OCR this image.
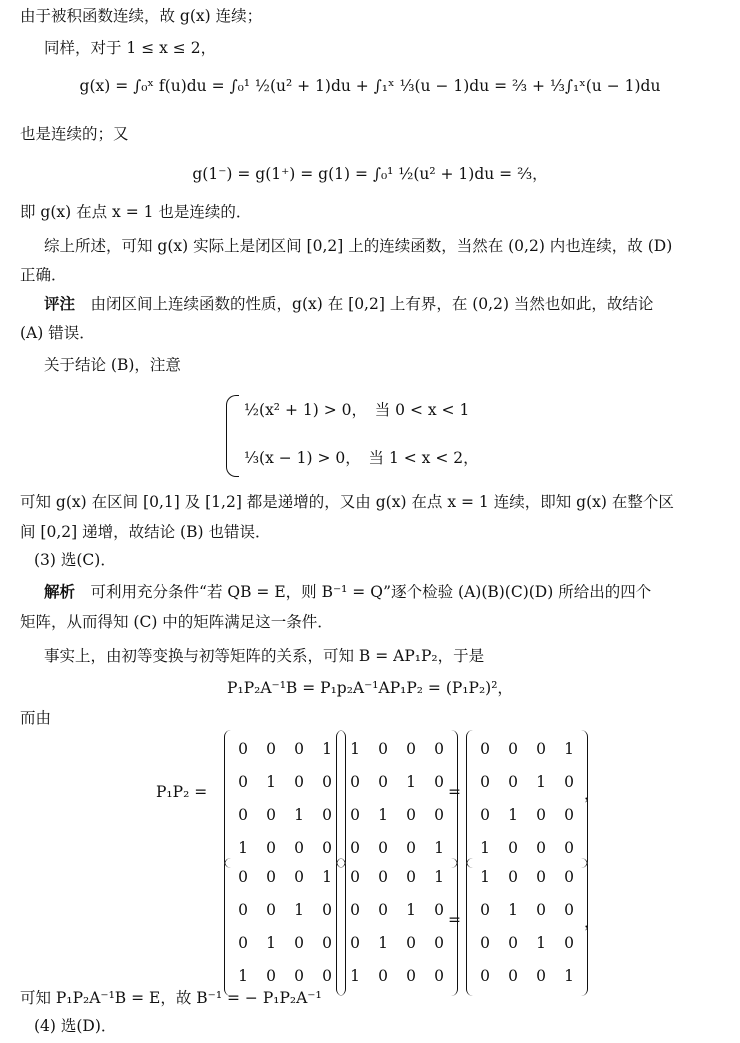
由于被积函数连续，故 g(x) 连续；
同样，对于 1 ≤ x ≤ 2，
g(x) = ∫₀ˣ f(u)du = ∫₀¹ ½(u² + 1)du + ∫₁ˣ ⅓(u − 1)du = ⅔ + ⅓∫₁ˣ(u − 1)du
也是连续的；又
g(1⁻) = g(1⁺) = g(1) = ∫₀¹ ½(u² + 1)du = ⅔，
即 g(x) 在点 x = 1 也是连续的．
综上所述，可知 g(x) 实际上是闭区间 [0,2] 上的连续函数，当然在 (0,2) 内也连续，故 (D)
正确．
评注　 由闭区间上连续函数的性质，g(x) 在 [0,2] 上有界，在 (0,2) 当然也如此，故结论
(A) 错误．
关于结论 (B)，注意
½(x² + 1) > 0，　当 0 < x < 1
⅓(x − 1) > 0，　当 1 < x < 2，
可知 g(x) 在区间 [0,1] 及 [1,2] 都是递增的，又由 g(x) 在点 x = 1 连续，即知 g(x) 在整个区
间 [0,2] 递增，故结论 (B) 也错误．
(3) 选(C)．
解析　 可利用充分条件“若 QB = E，则 B⁻¹ = Q”逐个检验 (A)(B)(C)(D) 所给出的四个
矩阵，从而得知 (C) 中的矩阵满足这一条件．
事实上，由初等变换与初等矩阵的关系，可知 B = AP₁P₂，于是
P₁P₂A⁻¹B = P₁p₂A⁻¹AP₁P₂ = (P₁P₂)²，
而由
P₁P₂ =
0	0	0	1
0	1	0	0
0	0	1	0
1	0	0	0
1	0	0	0
0	0	1	0
0	1	0	0
0	0	0	1
=
0	0	0	1
0	0	1	0
0	1	0	0
1	0	0	0
，
0	0	0	1
0	0	1	0
0	1	0	0
1	0	0	0
0	0	0	1
0	0	1	0
0	1	0	0
1	0	0	0
=
1	0	0	0
0	1	0	0
0	0	1	0
0	0	0	1
，
可知 P₁P₂A⁻¹B = E，故 B⁻¹ = − P₁P₂A⁻¹
(4) 选(D)．
